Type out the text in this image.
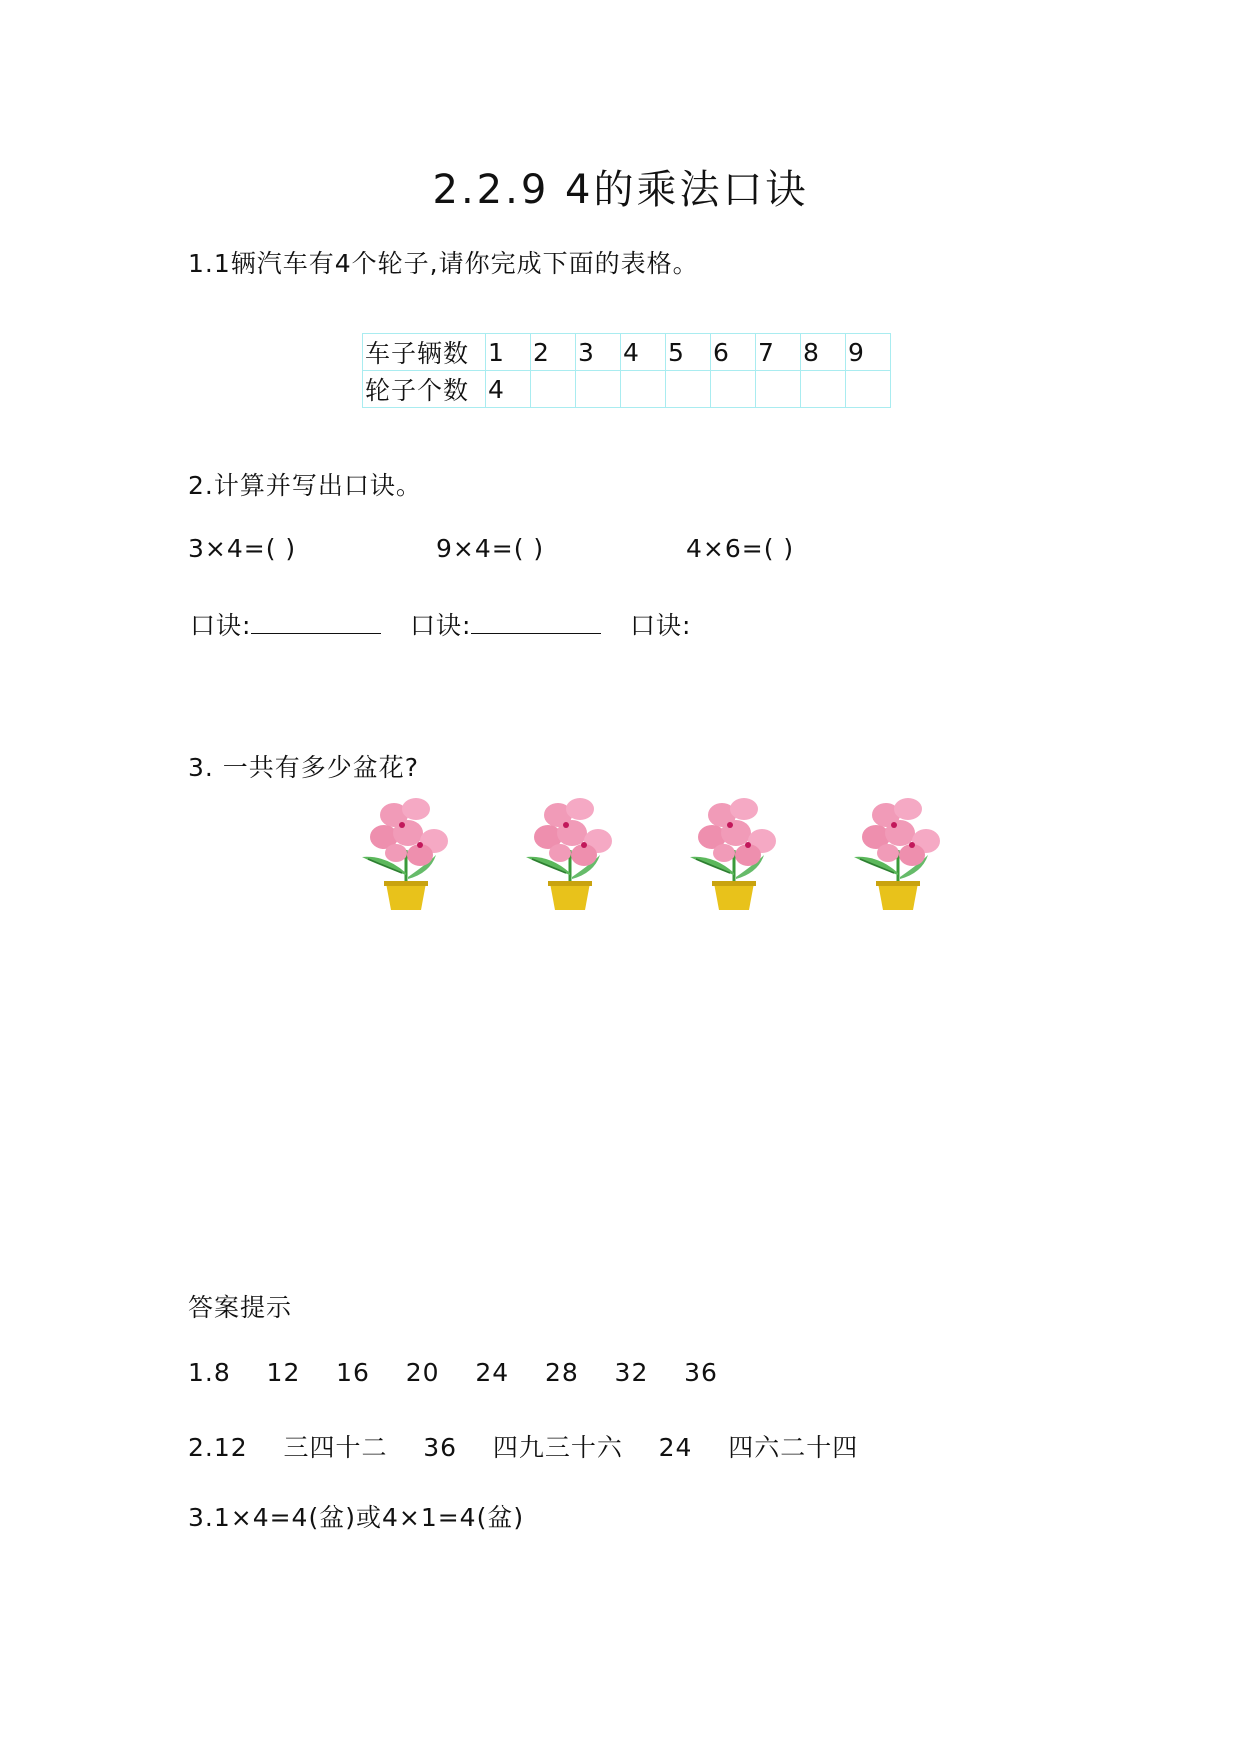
2.2.9 4的乘法口诀
1.1辆汽车有4个轮子,请你完成下面的表格。
车子辆数	1	2	3	4	5	6	7	8	9
轮子个数	4								
2.计算并写出口诀。
3×4=( )	9×4=( )	4×6=( )
口诀:	口诀:	口诀:
3. 一共有多少盆花?
答案提示
1.8    12    16    20    24    28    32    36
2.12    三四十二    36    四九三十六    24    四六二十四
3.1×4=4(盆)或4×1=4(盆)
